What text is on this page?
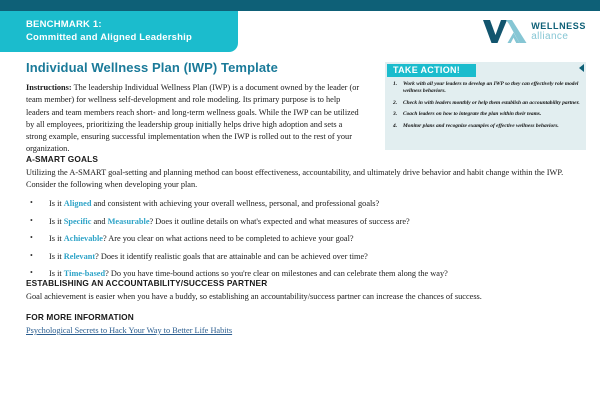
BENCHMARK 1:
Committed and Aligned Leadership
WELLNESS
alliance
Individual Wellness Plan (IWP) Template
Instructions: The leadership Individual Wellness Plan (IWP) is a document owned by the leader (or team member) for wellness self-development and role modeling. Its primary purpose is to help leaders and team members reach short- and long-term wellness goals. While the IWP can be utilized by all employees, prioritizing the leadership group initially helps drive high adoption and sets a strong example, ensuring successful implementation when the IWP is rolled out to the rest of your organization.
TAKE ACTION!
Work with all your leaders to develop an IWP so they can effectively role model wellness behaviors.
Check in with leaders monthly or help them establish an accountability partner.
Coach leaders on how to integrate the plan within their teams.
Monitor plans and recognize examples of effective wellness behaviors.
A-SMART GOALS
Utilizing the A-SMART goal-setting and planning method can boost effectiveness, accountability, and ultimately drive behavior and habit change within the IWP. Consider the following when developing your plan.
• Is it Aligned and consistent with achieving your overall wellness, personal, and professional goals?
• Is it Specific and Measurable? Does it outline details on what's expected and what measures of success are?
• Is it Achievable? Are you clear on what actions need to be completed to achieve your goal?
• Is it Relevant? Does it identify realistic goals that are attainable and can be achieved over time?
• Is it Time-based? Do you have time-bound actions so you're clear on milestones and can celebrate them along the way?
ESTABLISHING AN ACCOUNTABILITY/SUCCESS PARTNER
Goal achievement is easier when you have a buddy, so establishing an accountability/success partner can increase the chances of success.
FOR MORE INFORMATION
Psychological Secrets to Hack Your Way to Better Life Habits
